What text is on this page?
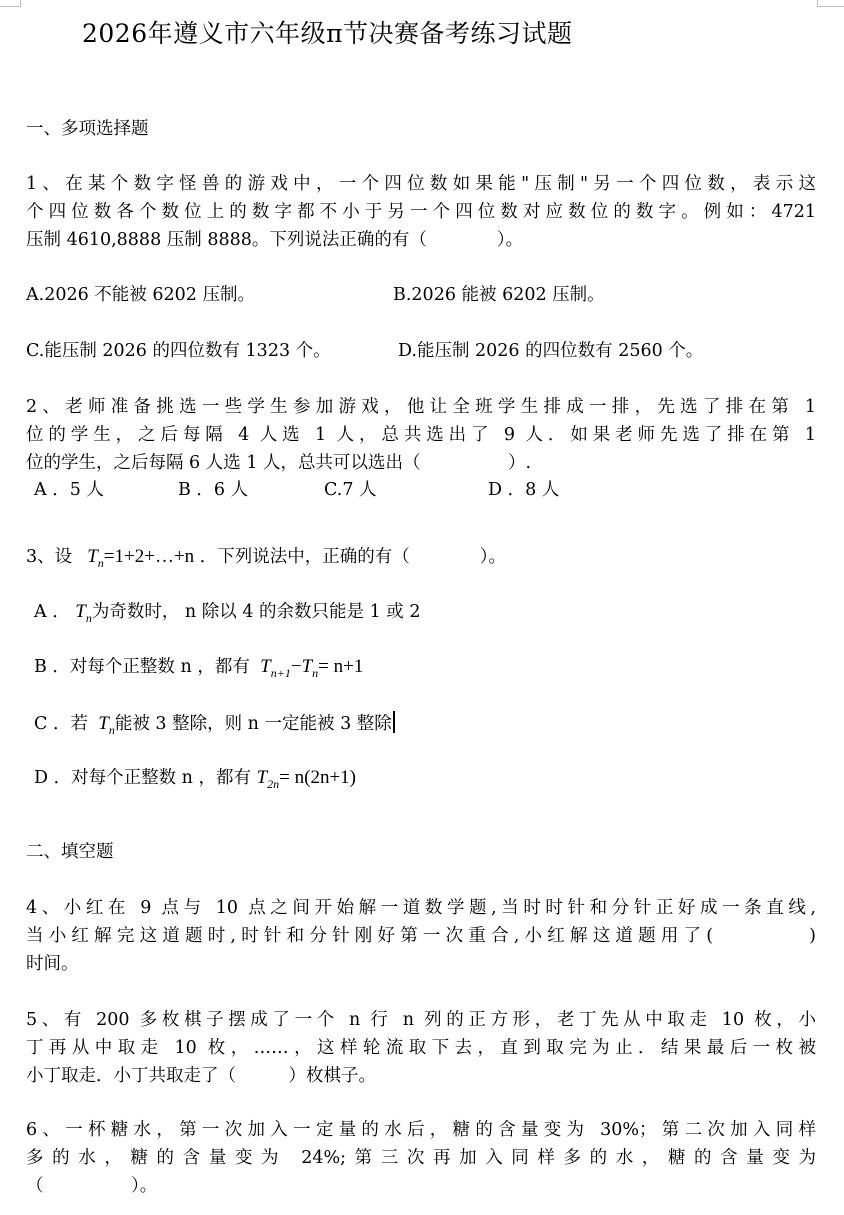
2026年遵义市六年级π节决赛备考练习试题
一、多项选择题
1、在某个数字怪兽的游戏中，一个四位数如果能"压制"另一个四位数，表示这
个四位数各个数位上的数字都不小于另一个四位数对应数位的数字。例如：4721
压制 4610,8888 压制 8888。下列说法正确的有（　　　　）。
A.2026 不能被 6202 压制。	B.2026 能被 6202 压制。
C.能压制 2026 的四位数有 1323 个。	D.能压制 2026 的四位数有 2560 个。
2、老师准备挑选一些学生参加游戏，他让全班学生排成一排，先选了排在第 1
位的学生，之后每隔 4 人选 1 人，总共选出了 9 人．如果老师先选了排在第 1
位的学生，之后每隔 6 人选 1 人，总共可以选出（　　　　　）.
A ．5 人	B ．6 人	C.7 人	D ．8 人
3、设 $T_n=1+2+\dots+n$ ．下列说法中，正确的有（　　　　）。
A ． $T_n$为奇数时， n 除以 4 的余数只能是 1 或 2
B ．对每个正整数 n ，都有 $T_{n+1}-T_n= n+1$
C ．若 $T_n$能被 3 整除，则 n 一定能被 3 整除
D ．对每个正整数 n ，都有 $T_{2n}= n(2n+1)$
二、填空题
4、小红在 9 点与 10 点之间开始解一道数学题,当时时针和分针正好成一条直线,
当小红解完这道题时,时针和分针刚好第一次重合,小红解这道题用了(　　　　)
时间。
5、有 200 多枚棋子摆成了一个 n 行 n 列的正方形，老丁先从中取走 10 枚，小
丁再从中取走 10 枚，……，这样轮流取下去，直到取完为止．结果最后一枚被
小丁取走．小丁共取走了（　　　）枚棋子。
6、一杯糖水，第一次加入一定量的水后，糖的含量变为 30%；第二次加入同样
多的水，糖的含量变为 24%;第三次再加入同样多的水，糖的含量变为
（　　　　　）。
